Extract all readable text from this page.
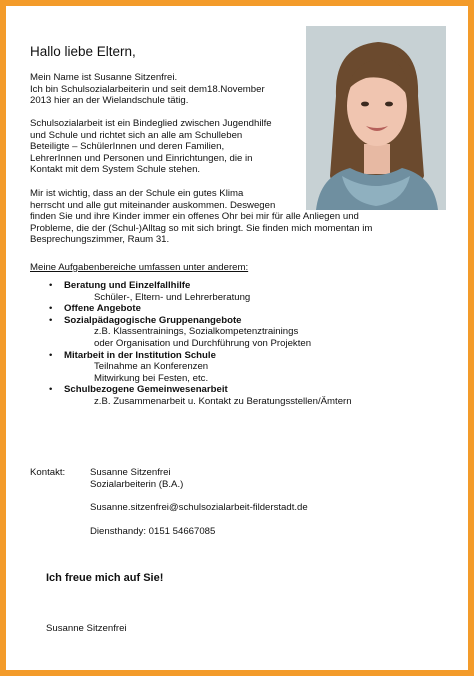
Hallo liebe Eltern,

Mein Name ist Susanne Sitzenfrei.
Ich bin Schulsozialarbeiterin und seit dem18.November
2013 hier an der Wielandschule tätig.

Schulsozialarbeit ist ein Bindeglied zwischen Jugendhilfe
und Schule und richtet sich an alle am Schulleben
Beteiligte – SchülerInnen und deren Familien,
LehrerInnen und Personen und Einrichtungen, die in
Kontakt mit dem System Schule stehen.

Mir ist wichtig, dass an der Schule ein gutes Klima
herrscht und alle gut miteinander auskommen. Deswegen
finden Sie und ihre Kinder immer ein offenes Ohr bei mir für alle Anliegen und
Probleme, die der (Schul-)Alltag so mit sich bringt. Sie finden mich momentan im
Besprechungszimmer, Raum 31.

Meine Aufgabenbereiche umfassen unter anderem:
• Beratung und Einzelfallhilfe
Schüler-, Eltern- und Lehrerberatung
• Offene Angebote
• Sozialpädagogische Gruppenangebote
z.B. Klassentrainings, Sozialkompetenztrainings
oder Organisation und Durchführung von Projekten
• Mitarbeit in der Institution Schule
Teilnahme an Konferenzen
Mitwirkung bei Festen, etc.
• Schulbezogene Gemeinwesenarbeit
z.B. Zusammenarbeit u. Kontakt zu Beratungsstellen/Ämtern
Kontakt:	Susanne Sitzenfrei
Sozialarbeiterin (B.A.)
Susanne.sitzenfrei@schulsozialarbeit-filderstadt.de
Diensthandy: 0151 54667085
Ich freue mich auf Sie!
Susanne Sitzenfrei
